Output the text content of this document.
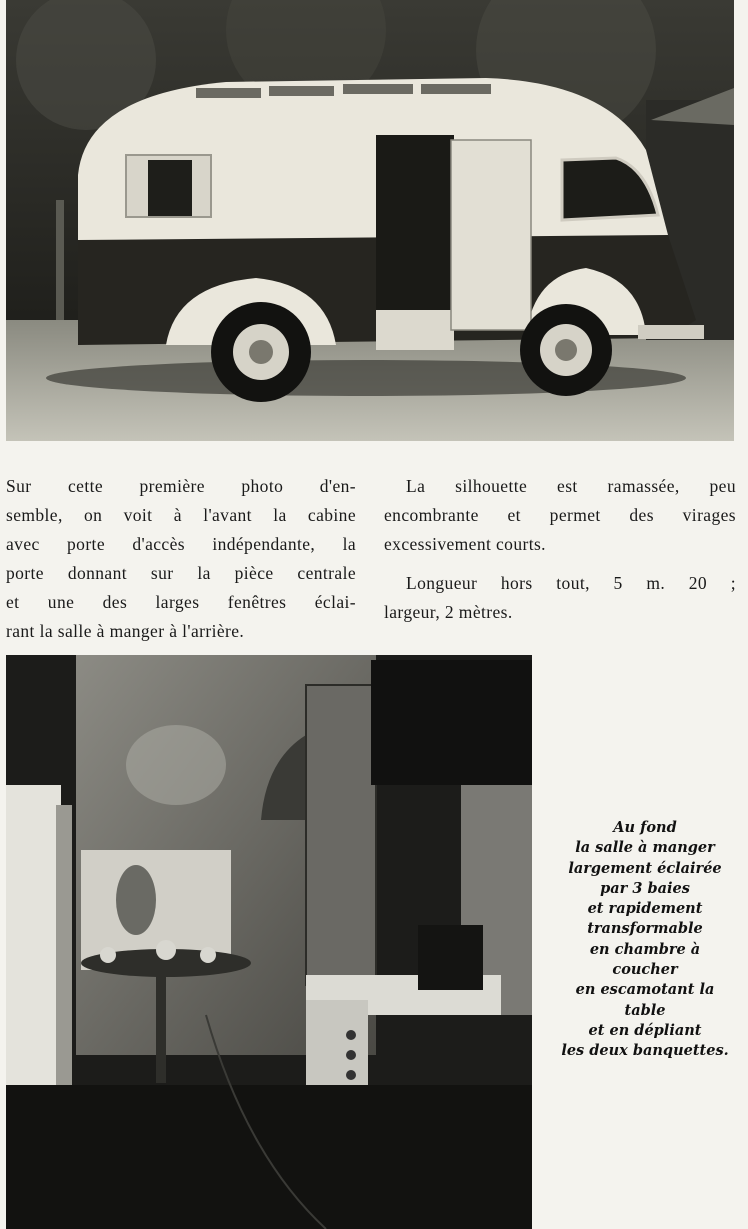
Sur cette première photo d'en-
semble, on voit à l'avant la cabine
avec porte d'accès indépendante, la
porte donnant sur la pièce centrale
et une des larges fenêtres éclai-
rant la salle à manger à l'arrière.
La silhouette est ramassée, peu
encombrante et permet des virages
excessivement courts.
Longueur hors tout, 5 m. 20 ;
largeur, 2 mètres.
Au fond
la salle à manger
largement éclairée
par 3 baies
et rapidement
transformable
en chambre à
coucher
en escamotant la
table
et en dépliant
les deux banquettes.
